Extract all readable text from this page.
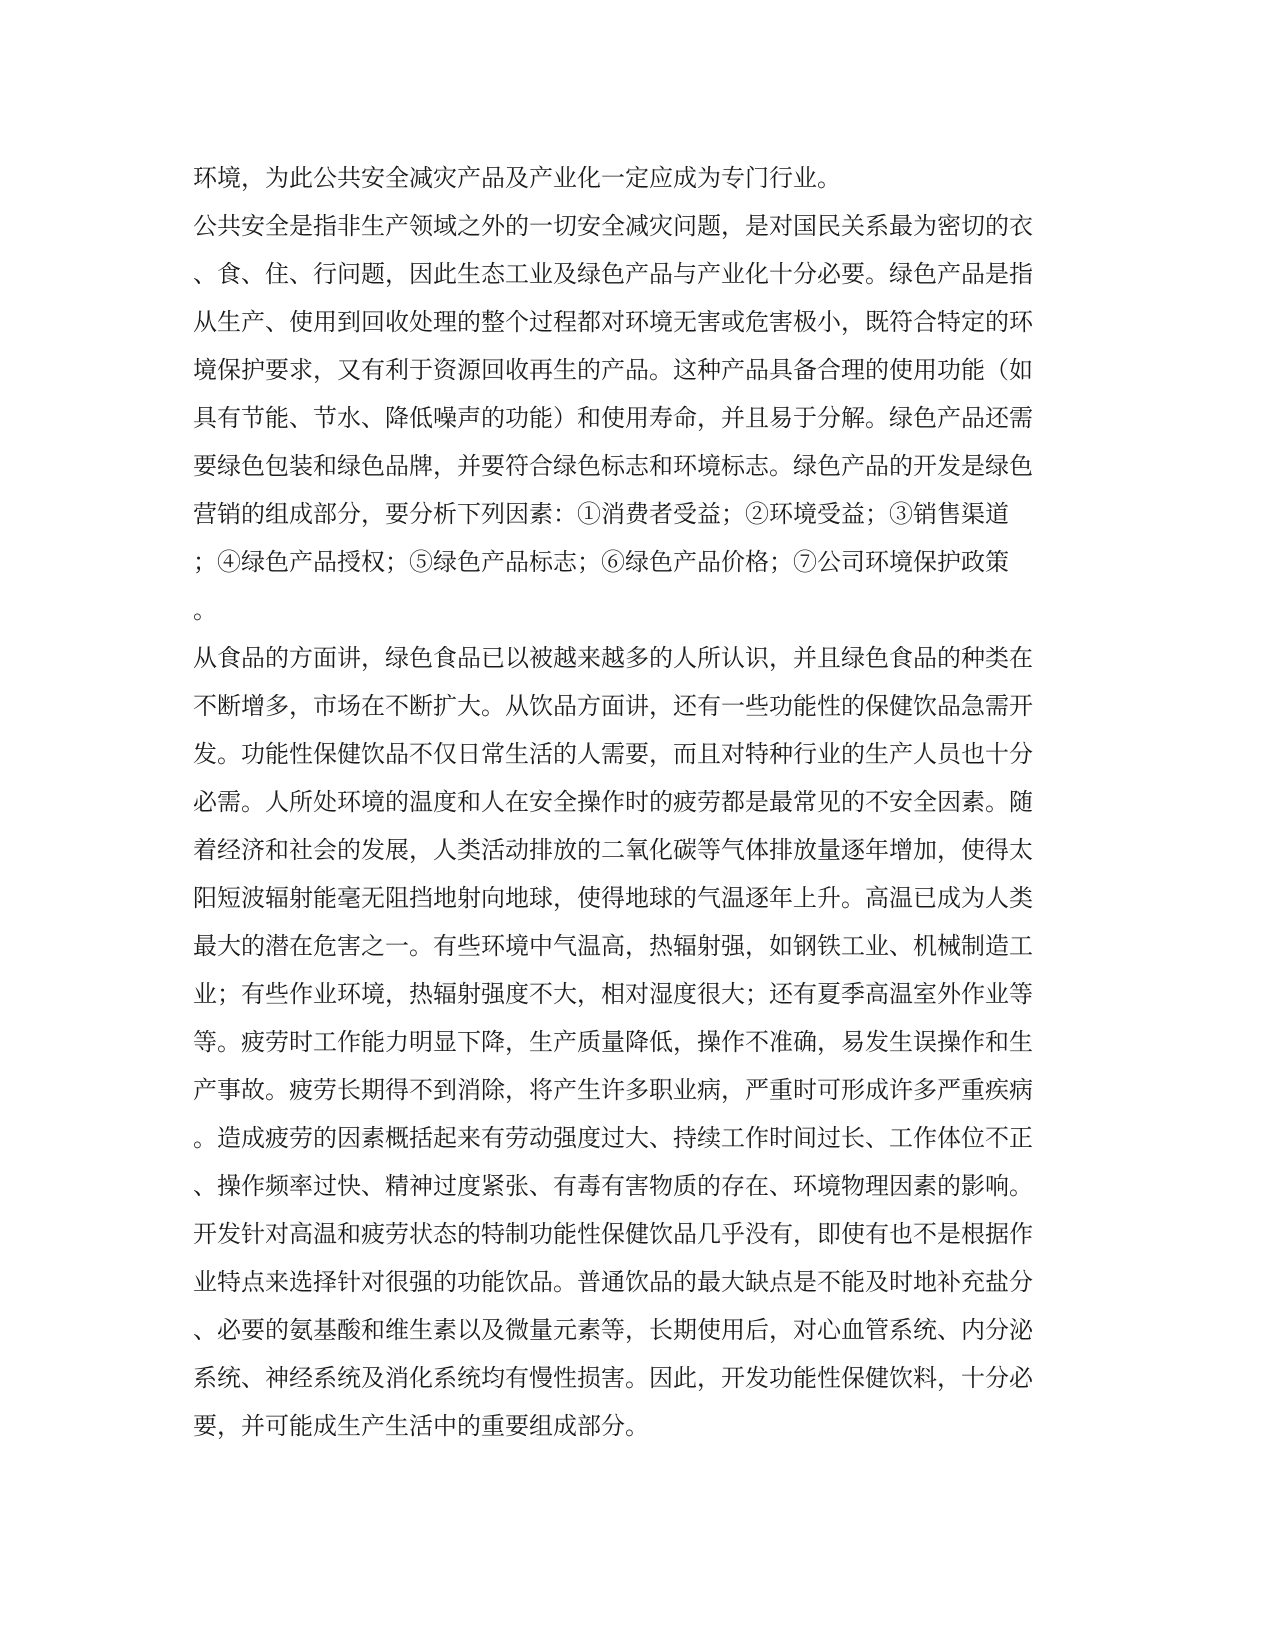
环境，为此公共安全减灾产品及产业化一定应成为专门行业。
公共安全是指非生产领域之外的一切安全减灾问题，是对国民关系最为密切的衣
、食、住、行问题，因此生态工业及绿色产品与产业化十分必要。绿色产品是指
从生产、使用到回收处理的整个过程都对环境无害或危害极小，既符合特定的环
境保护要求，又有利于资源回收再生的产品。这种产品具备合理的使用功能（如
具有节能、节水、降低噪声的功能）和使用寿命，并且易于分解。绿色产品还需
要绿色包装和绿色品牌，并要符合绿色标志和环境标志。绿色产品的开发是绿色
营销的组成部分，要分析下列因素：①消费者受益；②环境受益；③销售渠道
；④绿色产品授权；⑤绿色产品标志；⑥绿色产品价格；⑦公司环境保护政策
。
从食品的方面讲，绿色食品已以被越来越多的人所认识，并且绿色食品的种类在
不断增多，市场在不断扩大。从饮品方面讲，还有一些功能性的保健饮品急需开
发。功能性保健饮品不仅日常生活的人需要，而且对特种行业的生产人员也十分
必需。人所处环境的温度和人在安全操作时的疲劳都是最常见的不安全因素。随
着经济和社会的发展，人类活动排放的二氧化碳等气体排放量逐年增加，使得太
阳短波辐射能毫无阻挡地射向地球，使得地球的气温逐年上升。高温已成为人类
最大的潜在危害之一。有些环境中气温高，热辐射强，如钢铁工业、机械制造工
业；有些作业环境，热辐射强度不大，相对湿度很大；还有夏季高温室外作业等
等。疲劳时工作能力明显下降，生产质量降低，操作不准确，易发生误操作和生
产事故。疲劳长期得不到消除，将产生许多职业病，严重时可形成许多严重疾病
。造成疲劳的因素概括起来有劳动强度过大、持续工作时间过长、工作体位不正
、操作频率过快、精神过度紧张、有毒有害物质的存在、环境物理因素的影响。
开发针对高温和疲劳状态的特制功能性保健饮品几乎没有，即使有也不是根据作
业特点来选择针对很强的功能饮品。普通饮品的最大缺点是不能及时地补充盐分
、必要的氨基酸和维生素以及微量元素等，长期使用后，对心血管系统、内分泌
系统、神经系统及消化系统均有慢性损害。因此，开发功能性保健饮料，十分必
要，并可能成生产生活中的重要组成部分。
